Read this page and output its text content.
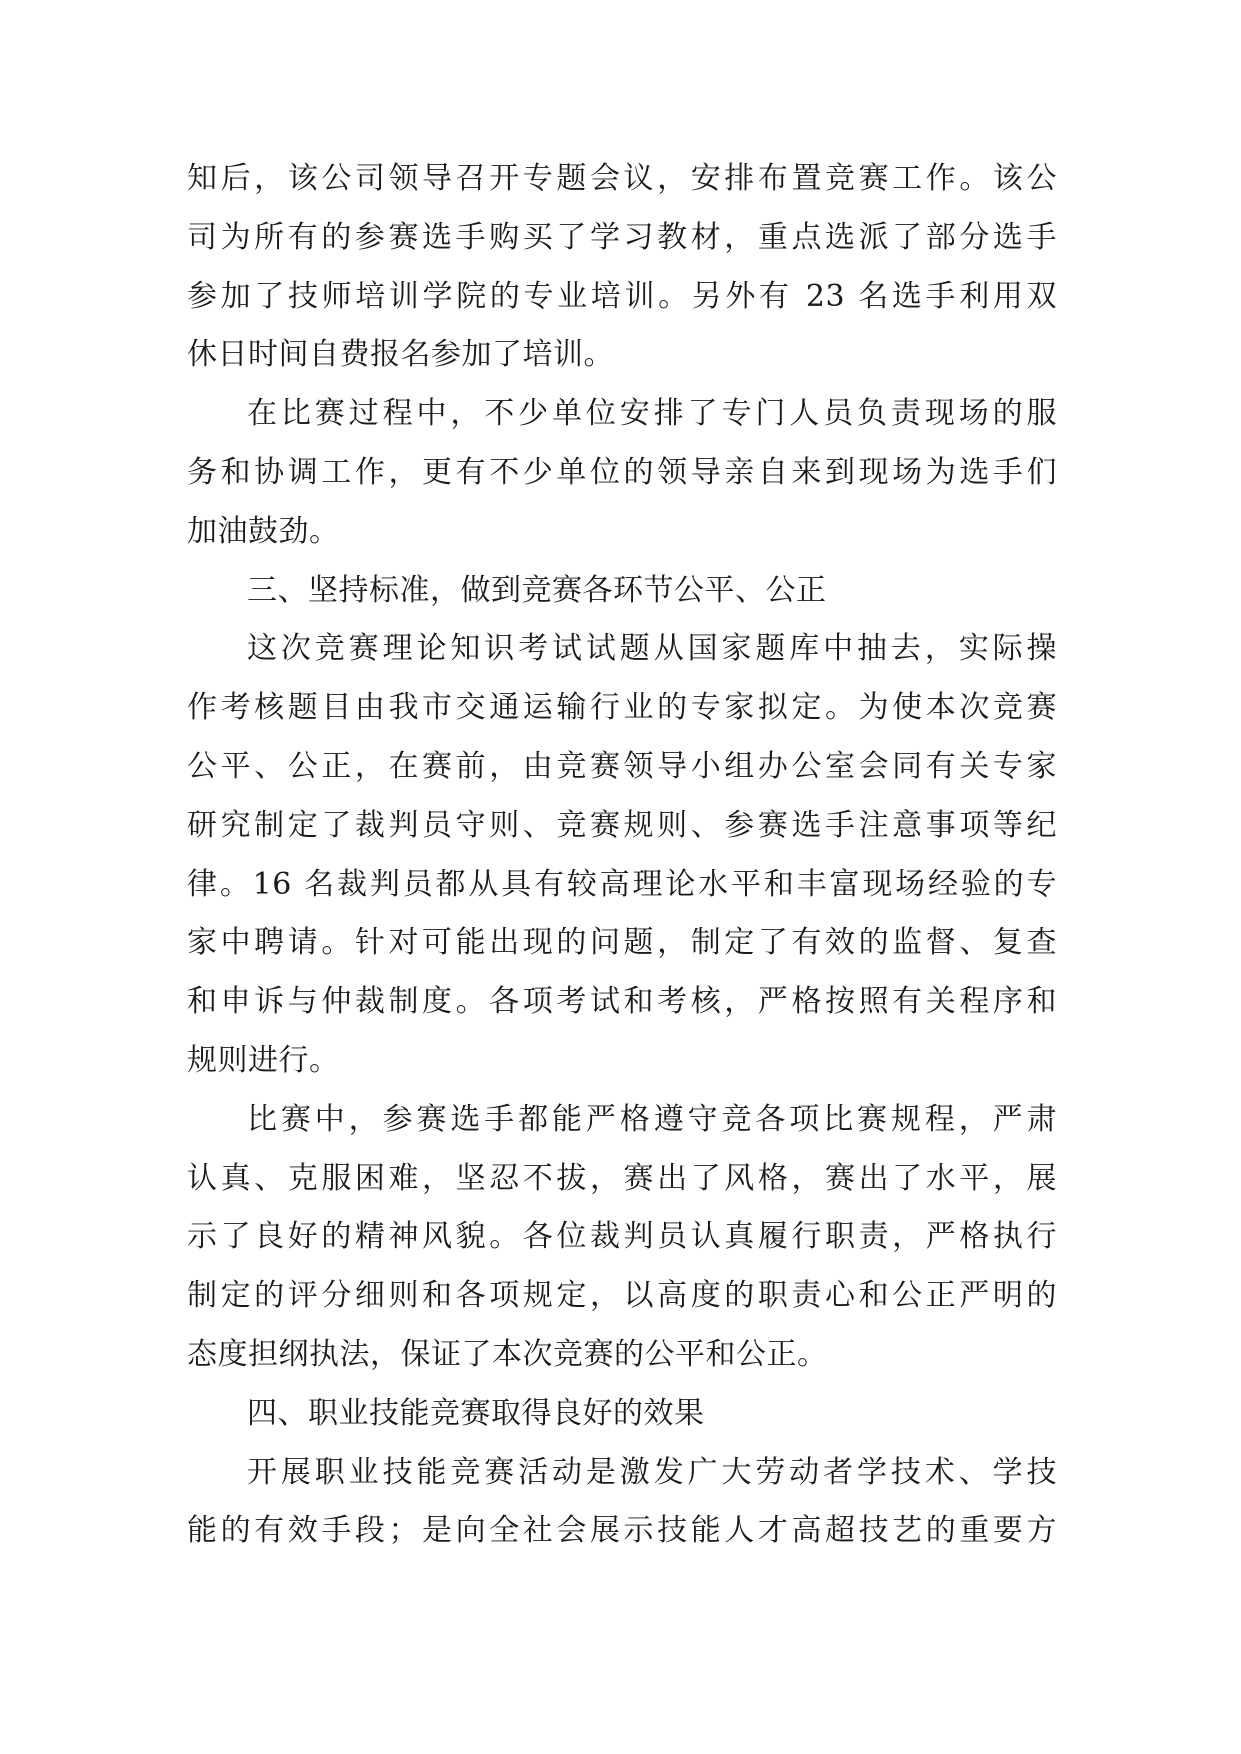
知后，该公司领导召开专题会议，安排布置竞赛工作。该公
司为所有的参赛选手购买了学习教材，重点选派了部分选手
参加了技师培训学院的专业培训。另外有 23 名选手利用双
休日时间自费报名参加了培训。
在比赛过程中，不少单位安排了专门人员负责现场的服
务和协调工作，更有不少单位的领导亲自来到现场为选手们
加油鼓劲。
三、坚持标准，做到竞赛各环节公平、公正
这次竞赛理论知识考试试题从国家题库中抽去，实际操
作考核题目由我市交通运输行业的专家拟定。为使本次竞赛
公平、公正，在赛前，由竞赛领导小组办公室会同有关专家
研究制定了裁判员守则、竞赛规则、参赛选手注意事项等纪
律。16 名裁判员都从具有较高理论水平和丰富现场经验的专
家中聘请。针对可能出现的问题，制定了有效的监督、复查
和申诉与仲裁制度。各项考试和考核，严格按照有关程序和
规则进行。
比赛中，参赛选手都能严格遵守竞各项比赛规程，严肃
认真、克服困难，坚忍不拔，赛出了风格，赛出了水平，展
示了良好的精神风貌。各位裁判员认真履行职责，严格执行
制定的评分细则和各项规定，以高度的职责心和公正严明的
态度担纲执法，保证了本次竞赛的公平和公正。
四、职业技能竞赛取得良好的效果
开展职业技能竞赛活动是激发广大劳动者学技术、学技
能的有效手段；是向全社会展示技能人才高超技艺的重要方
